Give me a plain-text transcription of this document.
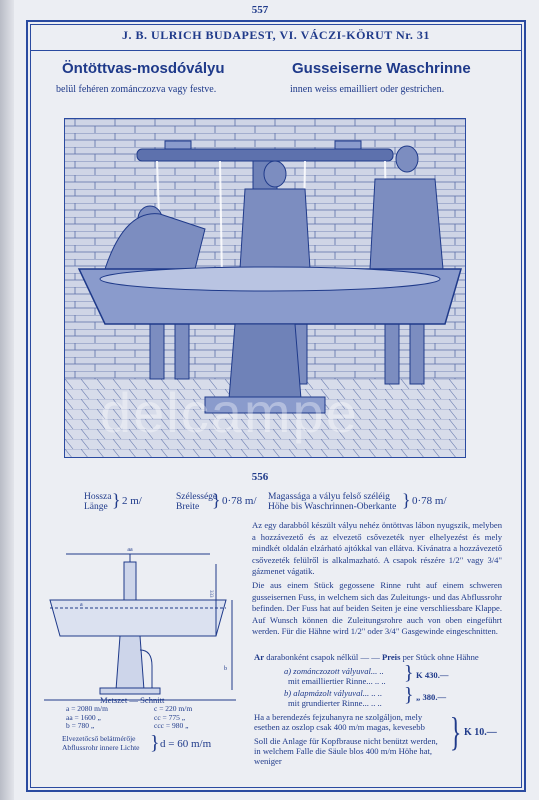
557
J. B. ULRICH BUDAPEST, VI. VÁCZI-KÖRUT Nr. 31
Öntöttvas-mosdóvályu
belül fehéren zománczozva vagy festve.
Gusseiserne Waschrinne
innen weiss emailliert oder gestrichen.
delcampe
556
Hossza
Länge } 2 m/	Szélessége
Breite } 0·78 m/ Magassága a vályu felső széléig
Höhe bis Waschrinnen-Oberkante } 0·78 m/
Az egy darabból készült vályu nehéz öntöttvas lábon nyugszik, melyben a hozzávezető és az elvezető csővezeték nyer elhelyezést és mely mindkét oldalán elzárható ajtókkal van ellátva. Kívánatra a hozzávezető csővezeték felülről is alkalmazható. A csapok részére 1/2" vagy 3/4" gázmenet vágatik.
Die aus einem Stück gegossene Rinne ruht auf einem schweren gusseisernen Fuss, in welchem sich das Zuleitungs- und das Abflussrohr befinden. Der Fuss hat auf beiden Seiten je eine verschliessbare Klappe. Auf Wunsch können die Zuleitungsrohre auch von oben eingeführt werden. Für die Hähne wird 1/2" oder 3/4" Gasgewinde eingeschnitten.
Ar darabonként csapok nélkül — — Preis per Stück ohne Hähne
a) zománczozott vályuval... ..
mit emailliertier Rinne... .. .. } K 430.—
b) alapmázolt vályuval... .. ..
mit grundierter Rinne... .. .. } „ 380.—
Ha a berendezés fejzuhanyra ne szolgáljon, mely esetben az oszlop csak 400 m/m magas, kevesebb
Soll die Anlage für Kopfbrause nicht benützt werden, in welchem Falle die Säule blos 400 m/m Höhe hat, weniger
} K 10.—
aa
333
a
b
Metszet — Schnitt
a = 2080 m/m
aa = 1600 „
b = 780 „
c = 220 m/m
cc = 775 „
ccc = 980 „
Elvezetőcső belátmérője
Abflussrohr innere Lichte } d = 60 m/m
